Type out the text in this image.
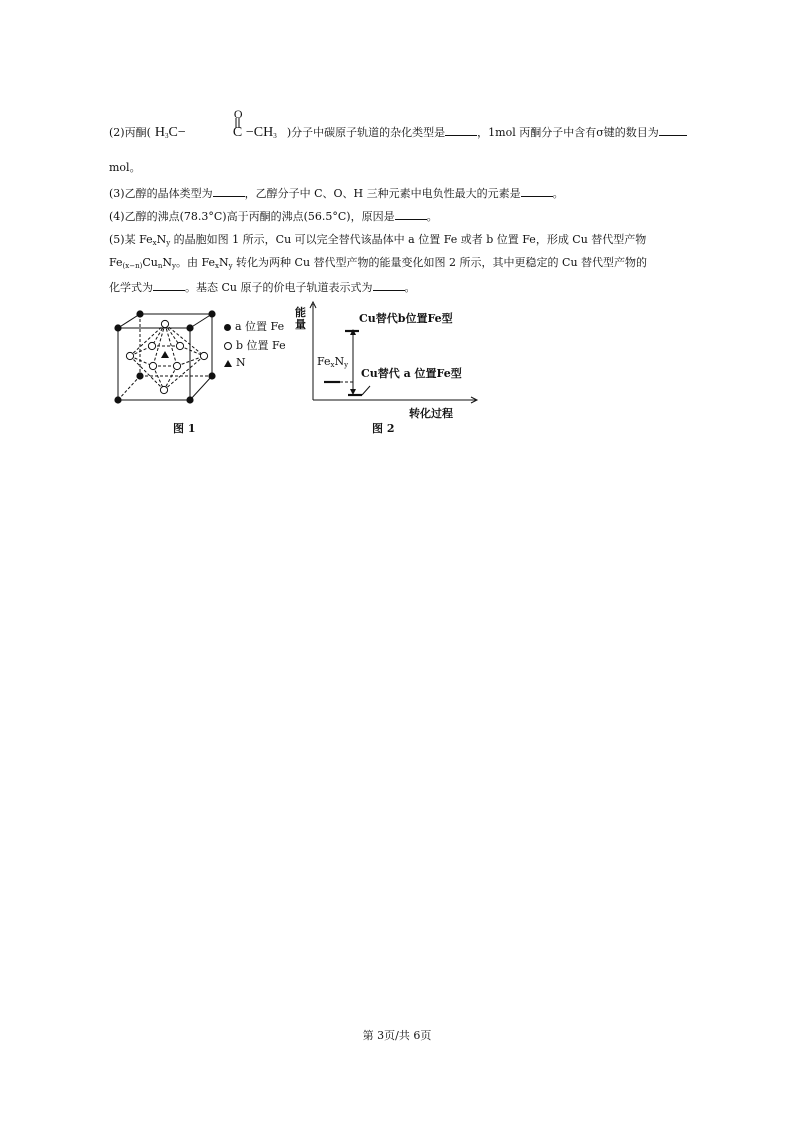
(2)丙酮(
O
$H_3C-$	$C -CH_3$ )分子中碳原子轨道的杂化类型是	，1mol 丙酮分子中含有σ键的数目为
mol。
(3)乙醇的晶体类型为	，乙醇分子中 C、O、H 三种元素中电负性最大的元素是	。
(4)乙醇的沸点(78.3°C)高于丙酮的沸点(56.5°C)，原因是	。
(5)某 $Fe_xN_y$ 的晶胞如图 1 所示，Cu 可以完全替代该晶体中 a 位置 Fe 或者 b 位置 Fe，形成 Cu 替代型产物
$Fe_{(x-n)}Cu_nN_y$。由 $Fe_xN_y$ 转化为两种 Cu 替代型产物的能量变化如图 2 所示，其中更稳定的 Cu 替代型产物的
化学式为	。基态 Cu 原子的价电子轨道表示式为	。
a 位置 Fe
b 位置 Fe
N
图 1
能
量	Cu替代b位置Fe型
$Fe_xN_y$
Cu替代 a 位置Fe型
转化过程
图 2
第 3页/共 6页
